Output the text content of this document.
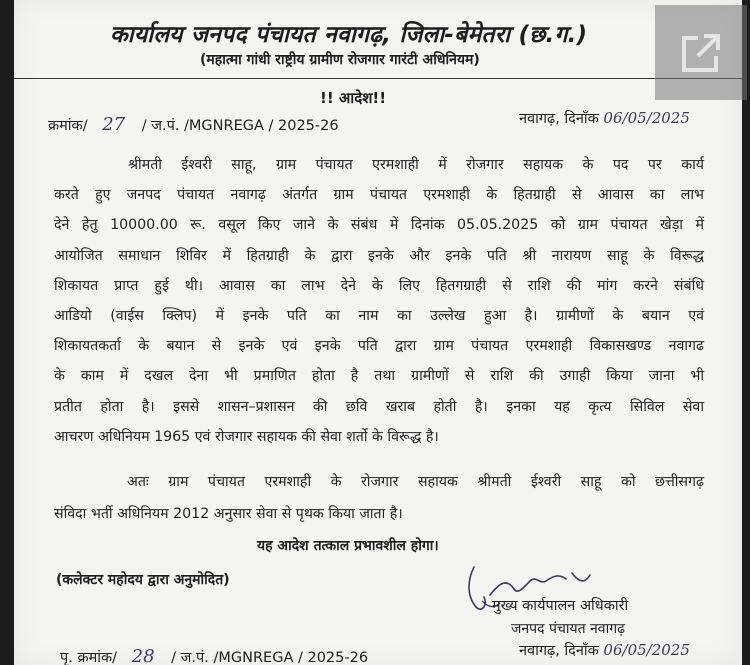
कार्यालय जनपद पंचायत नवागढ़, जिला-बेमेतरा (छ.ग.)
(महात्मा गांधी राष्ट्रीय ग्रामीण रोजगार गारंटी अधिनियम)
!! आदेश!!
क्रमांक/ 27 / ज.पं. /MGNREGA / 2025-26	नवागढ़, दिनाँक 06/05/2025
श्रीमती ईश्वरी साहू, ग्राम पंचायत एरमशाही में रोजगार सहायक के पद पर कार्य
करते हुए जनपद पंचायत नवागढ़ अंतर्गत ग्राम पंचायत एरमशाही के हितग्राही से आवास का लाभ
देने हेतु 10000.00 रू. वसूल किए जाने के संबंध में दिनांक 05.05.2025 को ग्राम पंचायत खेड़ा में
आयोजित समाधान शिविर में हितग्राही के द्वारा इनके और इनके पति श्री नारायण साहू के विरूद्ध
शिकायत प्राप्त हुई थी। आवास का लाभ देने के लिए हितगग्राही से राशि की मांग करने संबंधि
आडियो (वाईस क्लिप) में इनके पति का नाम का उल्लेख हुआ है। ग्रामीणों के बयान एवं
शिकायतकर्ता के बयान से इनके एवं इनके पति द्वारा ग्राम पंचायत एरमशाही विकासखण्ड नवागढ
के काम में दखल देना भी प्रमाणित होता है तथा ग्रामीणों से राशि की उगाही किया जाना भी
प्रतीत होता है। इससे शासन–प्रशासन की छवि खराब होती है। इनका यह कृत्य सिविल सेवा
आचरण अधिनियम 1965 एवं रोजगार सहायक की सेवा शर्तो के विरूद्ध है।
अतः ग्राम पंचायत एरमशाही के रोजगार सहायक श्रीमती ईश्वरी साहू को छत्तीसगढ़
संविदा भर्ती अधिनियम 2012 अनुसार सेवा से पृथक किया जाता है।
यह आदेश तत्काल प्रभावशील होगा।
(कलेक्टर महोदय द्वारा अनुमोदित)
मुख्य कार्यपालन अधिकारी
जनपद पंचायत नवागढ़
पृ. क्रमांक/ 28 / ज.पं. /MGNREGA / 2025-26	नवागढ़, दिनाँक 06/05/2025
